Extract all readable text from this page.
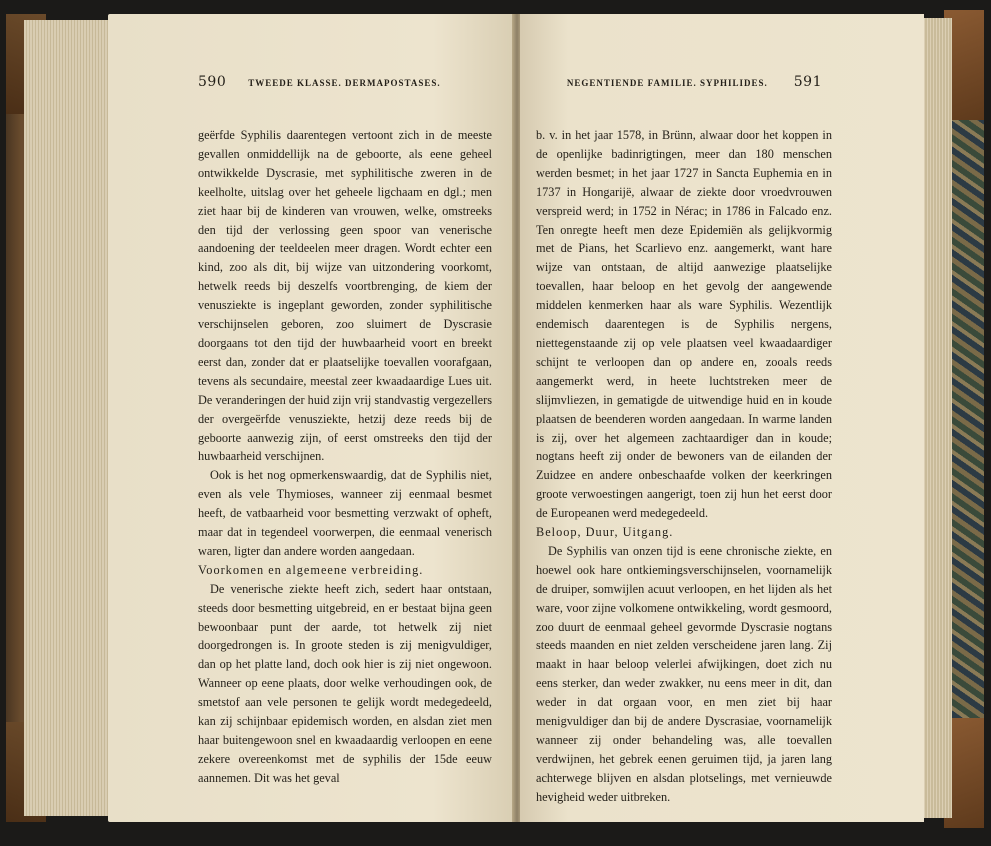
590 TWEEDE KLASSE. DERMAPOSTASES.

geërfde Syphilis daarentegen vertoont zich in de meeste gevallen onmiddellijk na de geboorte, als eene geheel ontwikkelde Dyscrasie, met syphilitische zweren in de keelholte, uitslag over het geheele ligchaam en dgl.; men ziet haar bij de kinderen van vrouwen, welke, omstreeks den tijd der verlossing geen spoor van venerische aandoening der teeldeelen meer dragen. Wordt echter een kind, zoo als dit, bij wijze van uitzondering voorkomt, hetwelk reeds bij deszelfs voortbrenging, de kiem der venusziekte is ingeplant geworden, zonder syphilitische verschijnselen geboren, zoo sluimert de Dyscrasie doorgaans tot den tijd der huwbaarheid voort en breekt eerst dan, zonder dat er plaatselijke toevallen voorafgaan, tevens als secundaire, meestal zeer kwaadaardige Lues uit. De veranderingen der huid zijn vrij standvastig vergezellers der overgeërfde venusziekte, hetzij deze reeds bij de geboorte aanwezig zijn, of eerst omstreeks den tijd der huwbaarheid verschijnen.

Ook is het nog opmerkenswaardig, dat de Syphilis niet, even als vele Thymioses, wanneer zij eenmaal besmet heeft, de vatbaarheid voor besmetting verzwakt of opheft, maar dat in tegendeel voorwerpen, die eenmaal venerisch waren, ligter dan andere worden aangedaan.

Voorkomen en algemeene verbreiding.

De venerische ziekte heeft zich, sedert haar ontstaan, steeds door besmetting uitgebreid, en er bestaat bijna geen bewoonbaar punt der aarde, tot hetwelk zij niet doorgedrongen is. In groote steden is zij menigvuldiger, dan op het platte land, doch ook hier is zij niet ongewoon. Wanneer op eene plaats, door welke verhoudingen ook, de smetstof aan vele personen te gelijk wordt medegedeeld, kan zij schijnbaar epidemisch worden, en alsdan ziet men haar buitengewoon snel en kwaadaardig verloopen en eene zekere overeenkomst met de syphilis der 15de eeuw aannemen. Dit was het geval

NEGENTIENDE FAMILIE. SYPHILIDES. 591

b. v. in het jaar 1578, in Brünn, alwaar door het koppen in de openlijke badinrigtingen, meer dan 180 menschen werden besmet; in het jaar 1727 in Sancta Euphemia en in 1737 in Hongarijë, alwaar de ziekte door vroedvrouwen verspreid werd; in 1752 in Nérac; in 1786 in Falcado enz. Ten onregte heeft men deze Epidemiën als gelijkvormig met de Pians, het Scarlievo enz. aangemerkt, want hare wijze van ontstaan, de altijd aanwezige plaatselijke toevallen, haar beloop en het gevolg der aangewende middelen kenmerken haar als ware Syphilis. Wezentlijk endemisch daarentegen is de Syphilis nergens, niettegenstaande zij op vele plaatsen veel kwaadaardiger schijnt te verloopen dan op andere en, zooals reeds aangemerkt werd, in heete luchtstreken meer de slijmvliezen, in gematigde de uitwendige huid en in koude plaatsen de beenderen worden aangedaan. In warme landen is zij, over het algemeen zachtaardiger dan in koude; nogtans heeft zij onder de bewoners van de eilanden der Zuidzee en andere onbeschaafde volken der keerkringen groote verwoestingen aangerigt, toen zij hun het eerst door de Europeanen werd medegedeeld.

Beloop, Duur, Uitgang.

De Syphilis van onzen tijd is eene chronische ziekte, en hoewel ook hare ontkiemingsverschijnselen, voornamelijk de druiper, somwijlen acuut verloopen, en het lijden als het ware, voor zijne volkomene ontwikkeling, wordt gesmoord, zoo duurt de eenmaal geheel gevormde Dyscrasie nogtans steeds maanden en niet zelden verscheidene jaren lang. Zij maakt in haar beloop velerlei afwijkingen, doet zich nu eens sterker, dan weder zwakker, nu eens meer in dit, dan weder in dat orgaan voor, en men ziet bij haar menigvuldiger dan bij de andere Dyscrasiae, voornamelijk wanneer zij onder behandeling was, alle toevallen verdwijnen, het gebrek eenen geruimen tijd, ja jaren lang achterwege blijven en alsdan plotselings, met vernieuwde hevigheid weder uitbreken.
